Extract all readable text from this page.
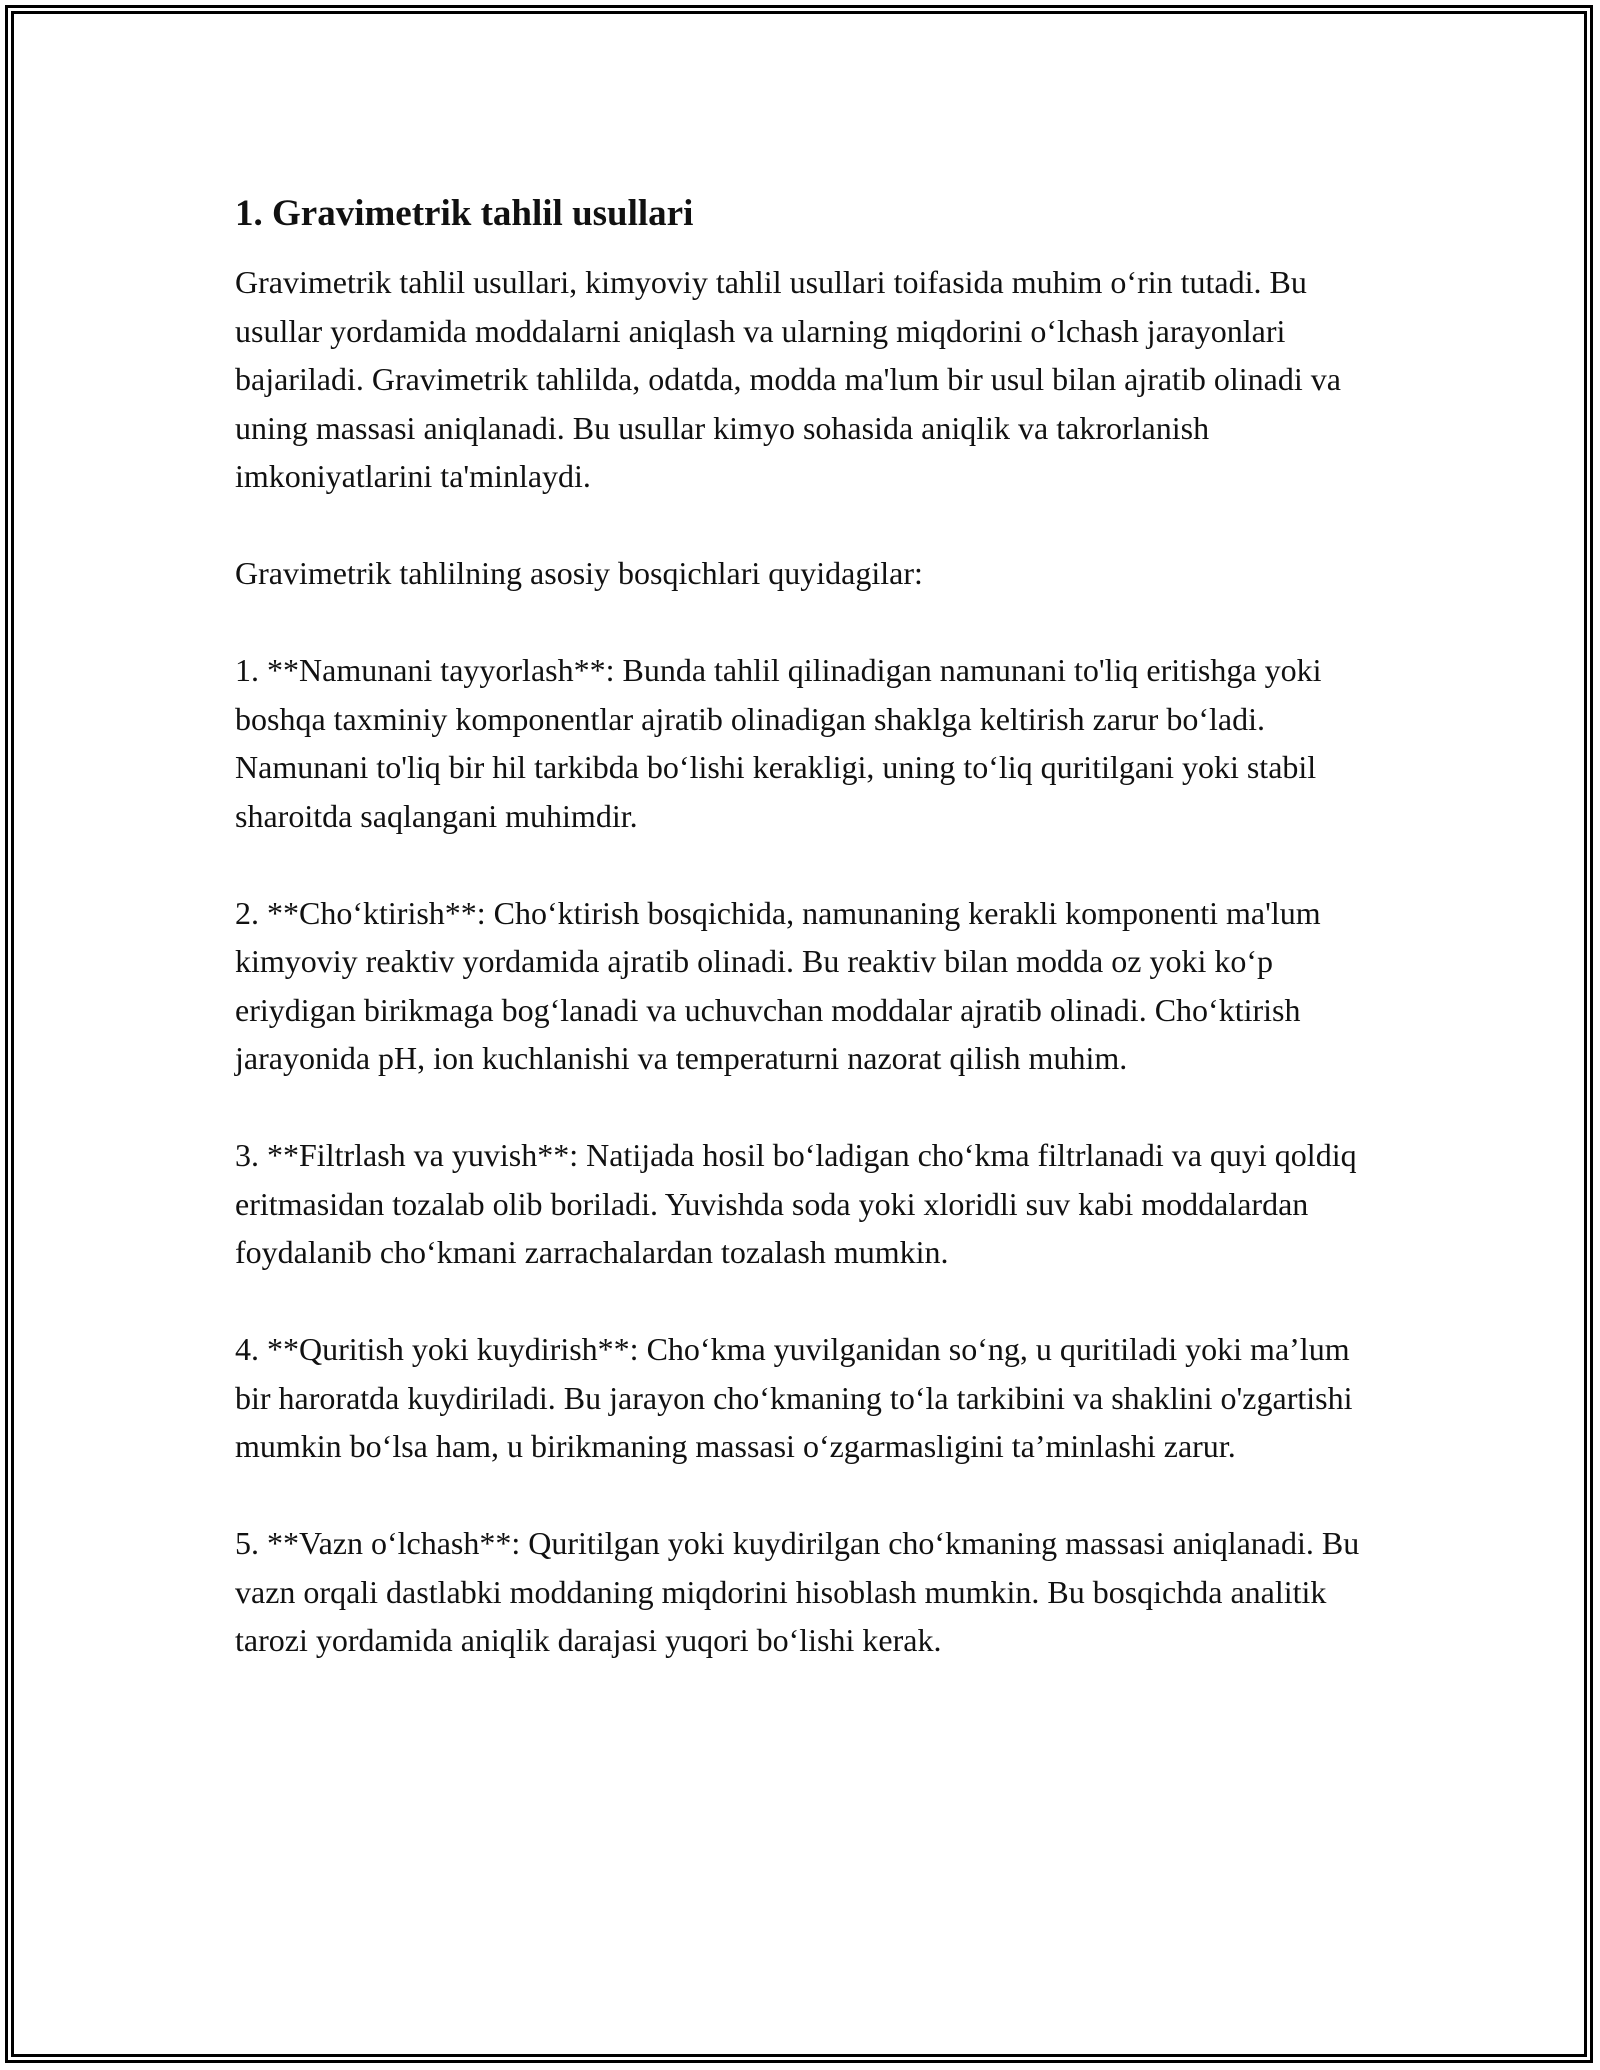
1. Gravimetrik tahlil usullari

Gravimetrik tahlil usullari, kimyoviy tahlil usullari toifasida muhim oʻrin tutadi. Bu usullar yordamida moddalarni aniqlash va ularning miqdorini oʻlchash jarayonlari bajariladi. Gravimetrik tahlilda, odatda, modda ma'lum bir usul bilan ajratib olinadi va uning massasi aniqlanadi. Bu usullar kimyo sohasida aniqlik va takrorlanish imkoniyatlarini ta'minlaydi.

Gravimetrik tahlilning asosiy bosqichlari quyidagilar:

1. **Namunani tayyorlash**: Bunda tahlil qilinadigan namunani to'liq eritishga yoki boshqa taxminiy komponentlar ajratib olinadigan shaklga keltirish zarur boʻladi. Namunani to'liq bir hil tarkibda boʻlishi kerakligi, uning toʻliq quritilgani yoki stabil sharoitda saqlangani muhimdir.

2. **Choʻktirish**: Choʻktirish bosqichida, namunaning kerakli komponenti ma'lum kimyoviy reaktiv yordamida ajratib olinadi. Bu reaktiv bilan modda oz yoki koʻp eriydigan birikmaga bogʻlanadi va uchuvchan moddalar ajratib olinadi. Choʻktirish jarayonida pH, ion kuchlanishi va temperaturni nazorat qilish muhim.

3. **Filtrlash va yuvish**: Natijada hosil boʻladigan choʻkma filtrlanadi va quyi qoldiq eritmasidan tozalab olib boriladi. Yuvishda soda yoki xloridli suv kabi moddalardan foydalanib choʻkmani zarrachalardan tozalash mumkin.

4. **Quritish yoki kuydirish**: Choʻkma yuvilganidan soʻng, u quritiladi yoki ma’lum bir haroratda kuydiriladi. Bu jarayon choʻkmaning toʻla tarkibini va shaklini o'zgartishi mumkin boʻlsa ham, u birikmaning massasi oʻzgarmasligini ta’minlashi zarur.

5. **Vazn oʻlchash**: Quritilgan yoki kuydirilgan choʻkmaning massasi aniqlanadi. Bu vazn orqali dastlabki moddaning miqdorini hisoblash mumkin. Bu bosqichda analitik tarozi yordamida aniqlik darajasi yuqori boʻlishi kerak.
